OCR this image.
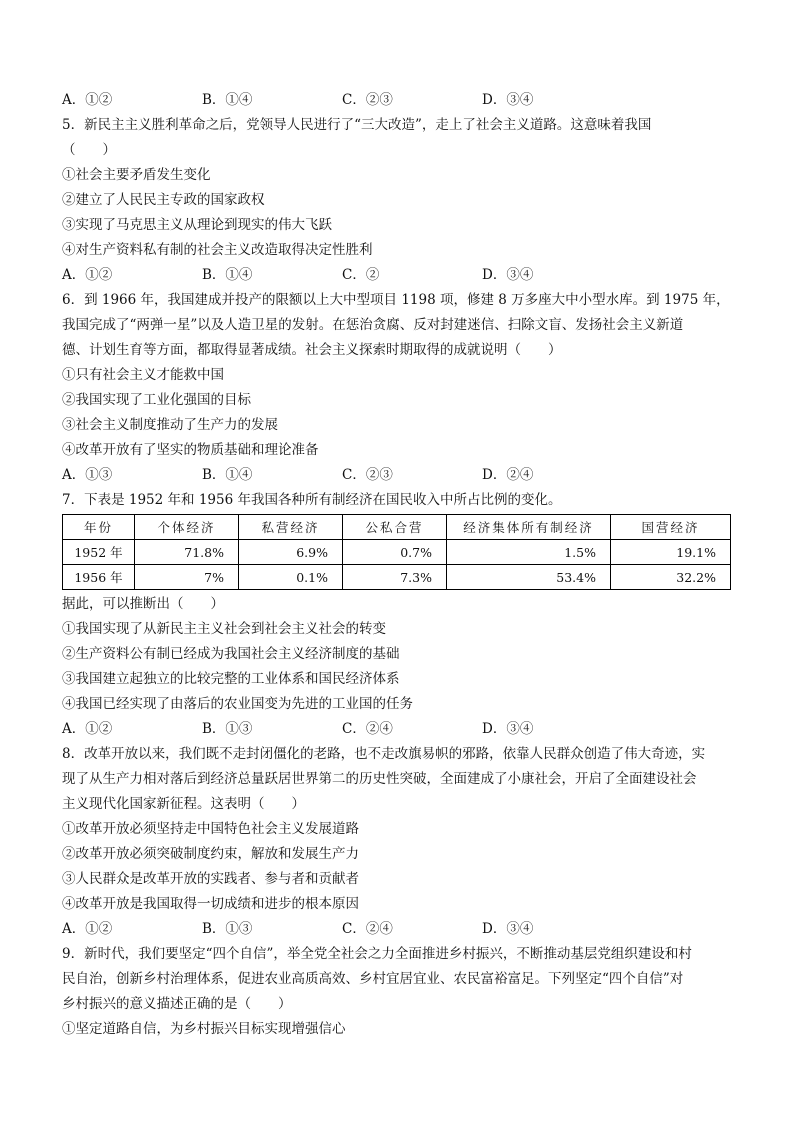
A．①②	B．①④	C．②③	D．③④
5．新民主主义胜利革命之后，党领导人民进行了“三大改造”，走上了社会主义道路。这意味着我国
（　　）
①社会主要矛盾发生变化
②建立了人民民主专政的国家政权
③实现了马克思主义从理论到现实的伟大飞跃
④对生产资料私有制的社会主义改造取得决定性胜利
A．①②	B．①④	C．②	D．③④
6．到 1966 年，我国建成并投产的限额以上大中型项目 1198 项，修建 8 万多座大中小型水库。到 1975 年，
我国完成了“两弹一星”以及人造卫星的发射。在惩治贪腐、反对封建迷信、扫除文盲、发扬社会主义新道
德、计划生育等方面，都取得显著成绩。社会主义探索时期取得的成就说明（　　）
①只有社会主义才能救中国
②我国实现了工业化强国的目标
③社会主义制度推动了生产力的发展
④改革开放有了坚实的物质基础和理论准备
A．①③	B．①④	C．②③	D．②④
7．下表是 1952 年和 1956 年我国各种所有制经济在国民收入中所占比例的变化。
年份	个体经济	私营经济	公私合营	经济集体所有制经济	国营经济
1952 年	71.8%	6.9%	0.7%	1.5%	19.1%
1956 年	7%	0.1%	7.3%	53.4%	32.2%
据此，可以推断出（　　）
①我国实现了从新民主主义社会到社会主义社会的转变
②生产资料公有制已经成为我国社会主义经济制度的基础
③我国建立起独立的比较完整的工业体系和国民经济体系
④我国已经实现了由落后的农业国变为先进的工业国的任务
A．①②	B．①③	C．②④	D．③④
8．改革开放以来，我们既不走封闭僵化的老路，也不走改旗易帜的邪路，依靠人民群众创造了伟大奇迹，实
现了从生产力相对落后到经济总量跃居世界第二的历史性突破，全面建成了小康社会，开启了全面建设社会
主义现代化国家新征程。这表明（　　）
①改革开放必须坚持走中国特色社会主义发展道路
②改革开放必须突破制度约束，解放和发展生产力
③人民群众是改革开放的实践者、参与者和贡献者
④改革开放是我国取得一切成绩和进步的根本原因
A．①②	B．①③	C．②④	D．③④
9．新时代，我们要坚定“四个自信”，举全党全社会之力全面推进乡村振兴，不断推动基层党组织建设和村
民自治，创新乡村治理体系，促进农业高质高效、乡村宜居宜业、农民富裕富足。下列坚定“四个自信”对
乡村振兴的意义描述正确的是（　　）
①坚定道路自信，为乡村振兴目标实现增强信心
